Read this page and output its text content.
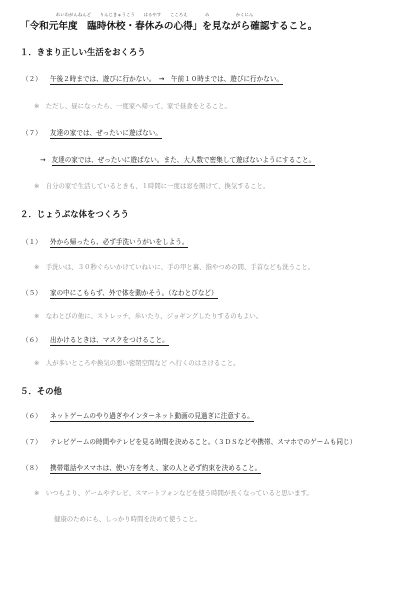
れいわがんねんど　　りんじきゅうこう　　はるやす　　こころえ　　　　み　　　　　　かくにん
「令和元年度　臨時休校・春休みの心得」を見ながら確認すること。
１．きまり正しい生活をおくろう
（２） 午後２時までは、遊びに行かない。　→　午前１０時までは、遊びに行かない。
※　ただし、昼になったら、一度家へ帰って、家で昼食をとること。
（７） 友達の家では、ぜったいに遊ばない。
→ 友達の家では、ぜったいに遊ばない。また、大人数で密集して遊ばないようにすること。
※　自分の家で生活しているときも、１時間に一度は窓を開けて、換気すること。
２．じょうぶな体をつくろう
（１） 外から帰ったら、必ず手洗いうがいをしよう。
※　手洗いは、３０秒ぐらいかけていねいに、手の甲と裏、指やつめの間、手首なども洗うこと。
（５） 家の中にこもらず、外で体を動かそう。（なわとびなど）
※　なわとびの他に、ストレッチ、歩いたり、ジョギングしたりするのもよい。
（６） 出かけるときは、マスクをつけること。
※　人が多いところや換気の悪い密閉空間など へ行くのはさけること。
５．その他
（６） ネットゲームのやり過ぎやインターネット動画の見過ぎに注意する。
（７） テレビゲームの時間やテレビを見る時間を決めること。（３ＤＳなどや携帯、スマホでのゲームも同じ）
（８） 携帯電話やスマホは、使い方を考え、家の人と必ず約束を決めること。
※　いつもより、ゲームやテレビ、スマートフォンなどを使う時間が長くなっていると思います。
健康のためにも、しっかり時間を決めて使うこと。
